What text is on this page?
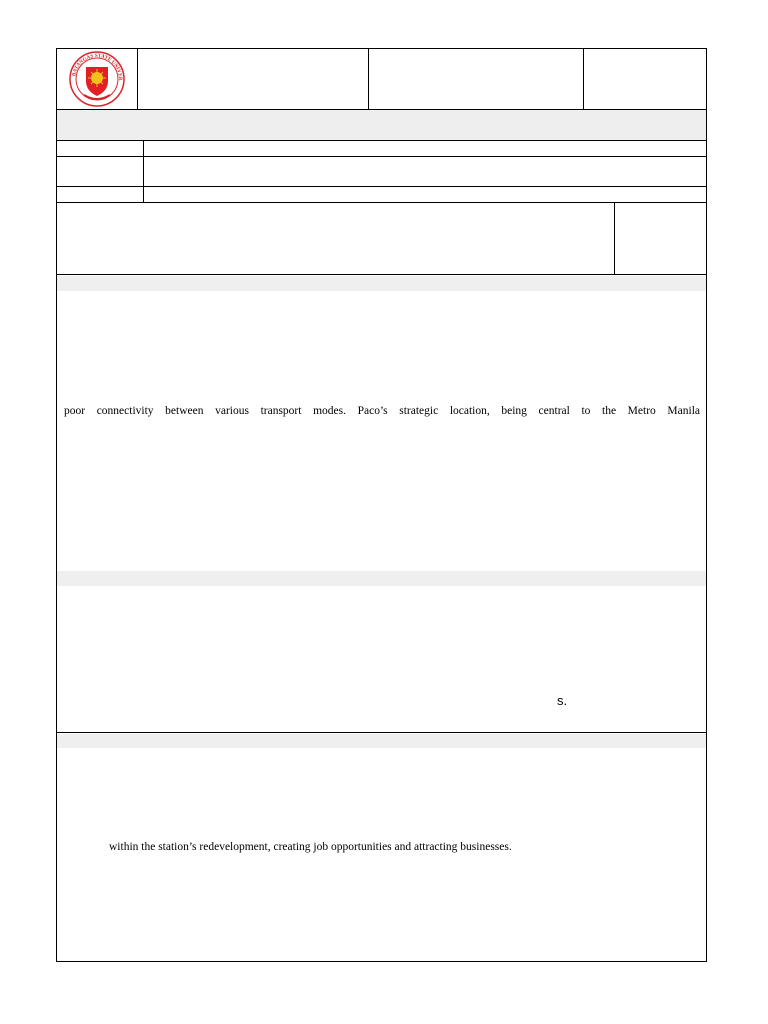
BATANGAS STATE UNIVER
poor connectivity between various transport modes. Paco’s strategic location, being central to the Metro Manila
s.
within the station’s redevelopment, creating job opportunities and attracting businesses.
